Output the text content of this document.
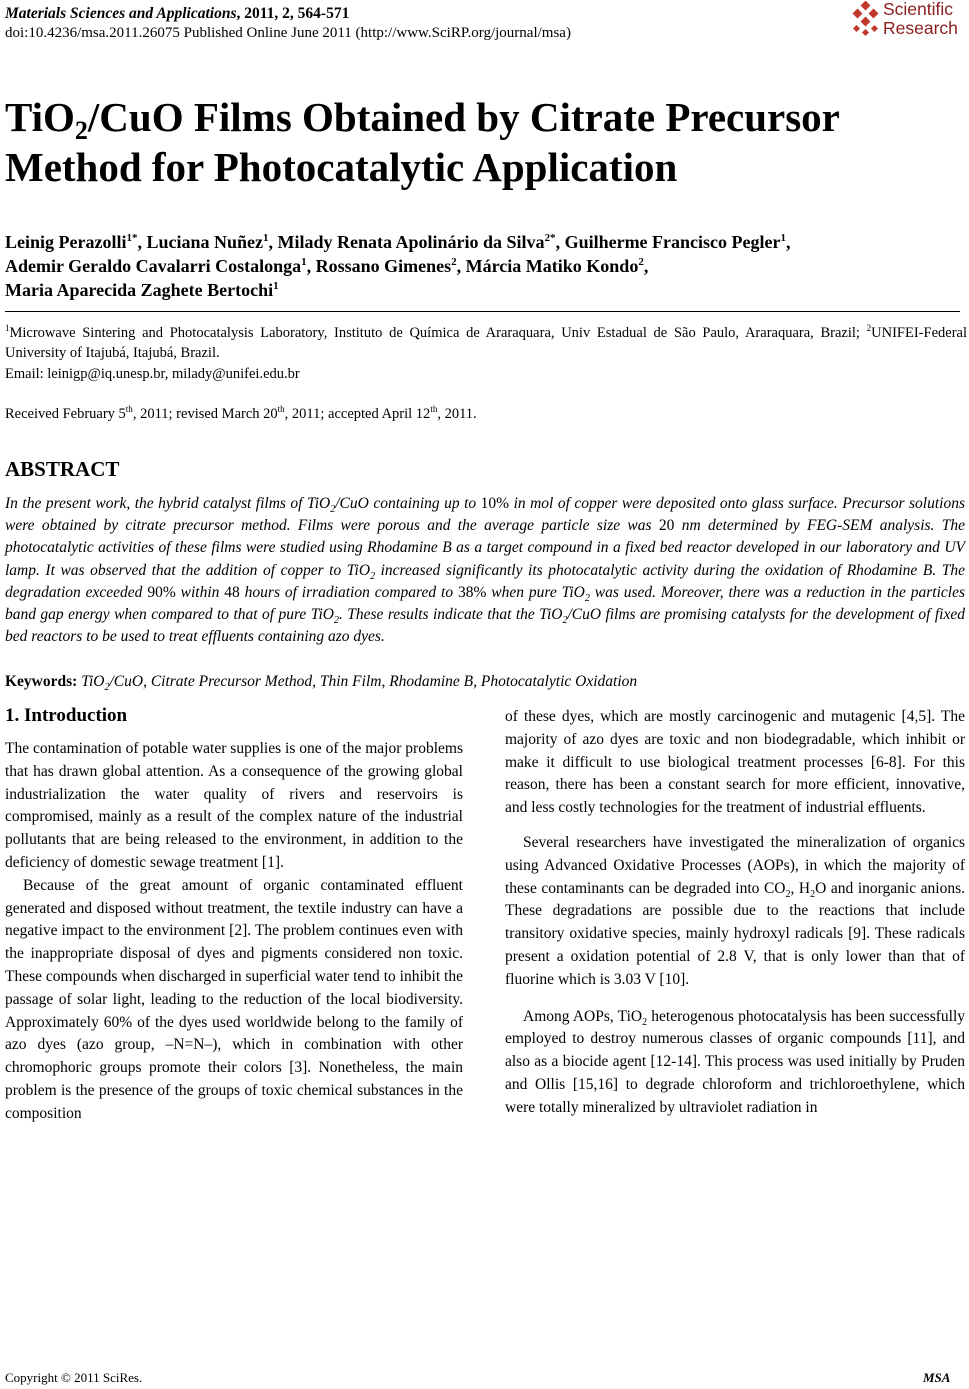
Materials Sciences and Applications, 2011, 2, 564-571
doi:10.4236/msa.2011.26075 Published Online June 2011 (http://www.SciRP.org/journal/msa)
Scientific
Research
TiO$_2$/CuO Films Obtained by Citrate Precursor
Method for Photocatalytic Application
Leinig Perazolli$^{1*}$, Luciana Nuñez$^1$, Milady Renata Apolinário da Silva$^{2*}$, Guilherme Francisco Pegler$^1$,
Ademir Geraldo Cavalarri Costalonga$^1$, Rossano Gimenes$^2$, Márcia Matiko Kondo$^2$,
Maria Aparecida Zaghete Bertochi$^1$
$^1$Microwave Sintering and Photocatalysis Laboratory, Instituto de Química de Araraquara, Univ Estadual de São Paulo, Araraquara, Brazil; $^2$UNIFEI-Federal University of Itajubá, Itajubá, Brazil.
Email: leinigp@iq.unesp.br, milady@unifei.edu.br
Received February 5th, 2011; revised March 20th, 2011; accepted April 12th, 2011.
ABSTRACT
In the present work, the hybrid catalyst films of TiO$_2$/CuO containing up to 10% in mol of copper were deposited onto glass surface. Precursor solutions were obtained by citrate precursor method. Films were porous and the average particle size was 20 nm determined by FEG-SEM analysis. The photocatalytic activities of these films were studied using Rhodamine B as a target compound in a fixed bed reactor developed in our laboratory and UV lamp. It was observed that the addition of copper to TiO$_2$ increased significantly its photocatalytic activity during the oxidation of Rhodamine B. The degradation exceeded 90% within 48 hours of irradiation compared to 38% when pure TiO$_2$ was used. Moreover, there was a reduction in the particles band gap energy when compared to that of pure TiO$_2$. These results indicate that the TiO$_2$/CuO films are promising catalysts for the development of fixed bed reactors to be used to treat effluents containing azo dyes.
Keywords: TiO$_2$/CuO, Citrate Precursor Method, Thin Film, Rhodamine B, Photocatalytic Oxidation
1. Introduction

The contamination of potable water supplies is one of the major problems that has drawn global attention. As a consequence of the growing global industrialization the water quality of rivers and reservoirs is compromised, mainly as a result of the complex nature of the industrial pollutants that are being released to the environment, in addition to the deficiency of domestic sewage treatment [1].

Because of the great amount of organic contaminated effluent generated and disposed without treatment, the textile industry can have a negative impact to the environment [2]. The problem continues even with the inappropriate disposal of dyes and pigments considered non toxic. These compounds when discharged in superficial water tend to inhibit the passage of solar light, leading to the reduction of the local biodiversity. Approximately 60% of the dyes used worldwide belong to the family of azo dyes (azo group, –N=N–), which in combination with other chromophoric groups promote their colors [3]. Nonetheless, the main problem is the presence of the groups of toxic chemical substances in the composition

of these dyes, which are mostly carcinogenic and mutagenic [4,5]. The majority of azo dyes are toxic and non biodegradable, which inhibit or make it difficult to use biological treatment processes [6-8]. For this reason, there has been a constant search for more efficient, innovative, and less costly technologies for the treatment of industrial effluents.

Several researchers have investigated the mineralization of organics using Advanced Oxidative Processes (AOPs), in which the majority of these contaminants can be degraded into $CO_2$, $H_2O$ and inorganic anions. These degradations are possible due to the reactions that include transitory oxidative species, mainly hydroxyl radicals [9]. These radicals present a oxidation potential of 2.8 V, that is only lower than that of fluorine which is 3.03 V [10].

Among AOPs, TiO$_2$ heterogenous photocatalysis has been successfully employed to destroy numerous classes of organic compounds [11], and also as a biocide agent [12-14]. This process was used initially by Pruden and Ollis [15,16] to degrade chloroform and trichloroethylene, which were totally mineralized by ultraviolet radiation in

Copyright © 2011 SciRes.	MSA
